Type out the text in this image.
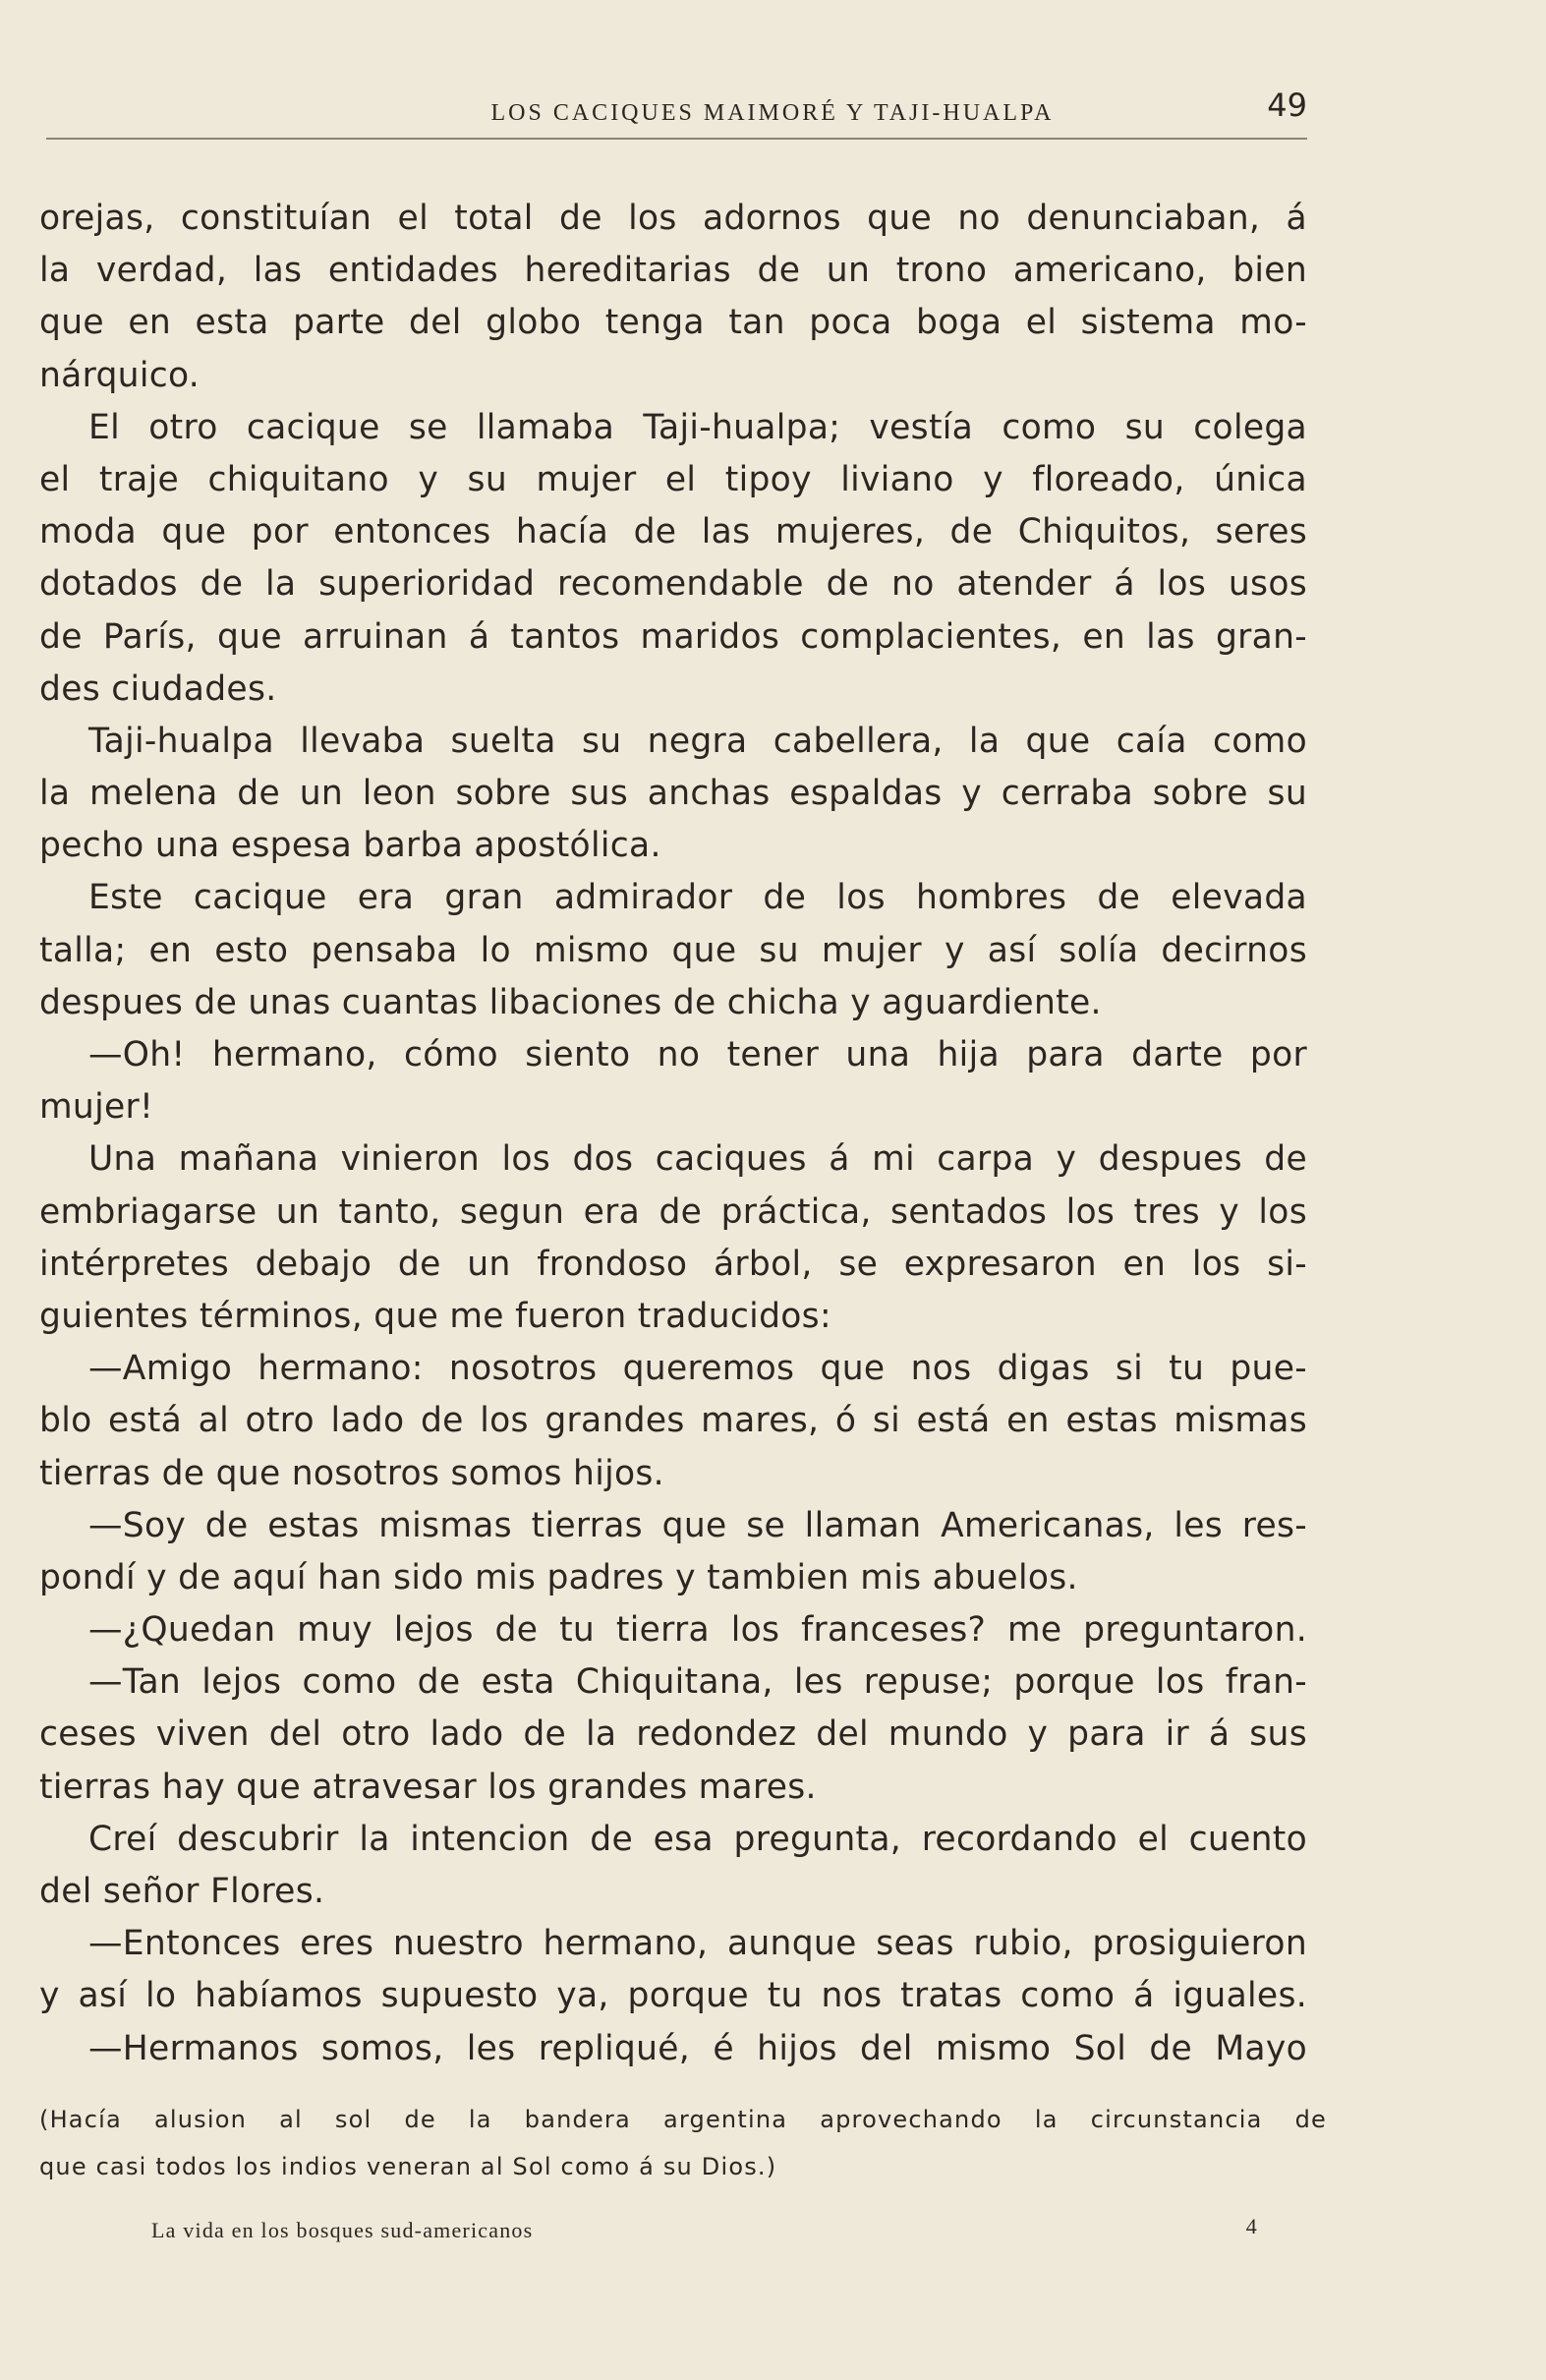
LOS CACIQUES MAIMORÉ Y TAJI-HUALPA	49
orejas, constituían el total de los adornos que no denunciaban, á
la verdad, las entidades hereditarias de un trono americano, bien
que en esta parte del globo tenga tan poca boga el sistema mo-
nárquico.
El otro cacique se llamaba Taji-hualpa; vestía como su colega
el traje chiquitano y su mujer el tipoy liviano y floreado, única
moda que por entonces hacía de las mujeres, de Chiquitos, seres
dotados de la superioridad recomendable de no atender á los usos
de París, que arruinan á tantos maridos complacientes, en las gran-
des ciudades.
Taji-hualpa llevaba suelta su negra cabellera, la que caía como
la melena de un leon sobre sus anchas espaldas y cerraba sobre su
pecho una espesa barba apostólica.
Este cacique era gran admirador de los hombres de elevada
talla; en esto pensaba lo mismo que su mujer y así solía decirnos
despues de unas cuantas libaciones de chicha y aguardiente.
—Oh! hermano, cómo siento no tener una hija para darte por
mujer!
Una mañana vinieron los dos caciques á mi carpa y despues de
embriagarse un tanto, segun era de práctica, sentados los tres y los
intérpretes debajo de un frondoso árbol, se expresaron en los si-
guientes términos, que me fueron traducidos:
—Amigo hermano: nosotros queremos que nos digas si tu pue-
blo está al otro lado de los grandes mares, ó si está en estas mismas
tierras de que nosotros somos hijos.
—Soy de estas mismas tierras que se llaman Americanas, les res-
pondí y de aquí han sido mis padres y tambien mis abuelos.
—¿Quedan muy lejos de tu tierra los franceses? me preguntaron.
—Tan lejos como de esta Chiquitana, les repuse; porque los fran-
ceses viven del otro lado de la redondez del mundo y para ir á sus
tierras hay que atravesar los grandes mares.
Creí descubrir la intencion de esa pregunta, recordando el cuento
del señor Flores.
—Entonces eres nuestro hermano, aunque seas rubio, prosiguieron
y así lo habíamos supuesto ya, porque tu nos tratas como á iguales.
—Hermanos somos, les repliqué, é hijos del mismo Sol de Mayo
(Hacía alusion al sol de la bandera argentina aprovechando la circunstancia de
que casi todos los indios veneran al Sol como á su Dios.)
La vida en los bosques sud-americanos	4
